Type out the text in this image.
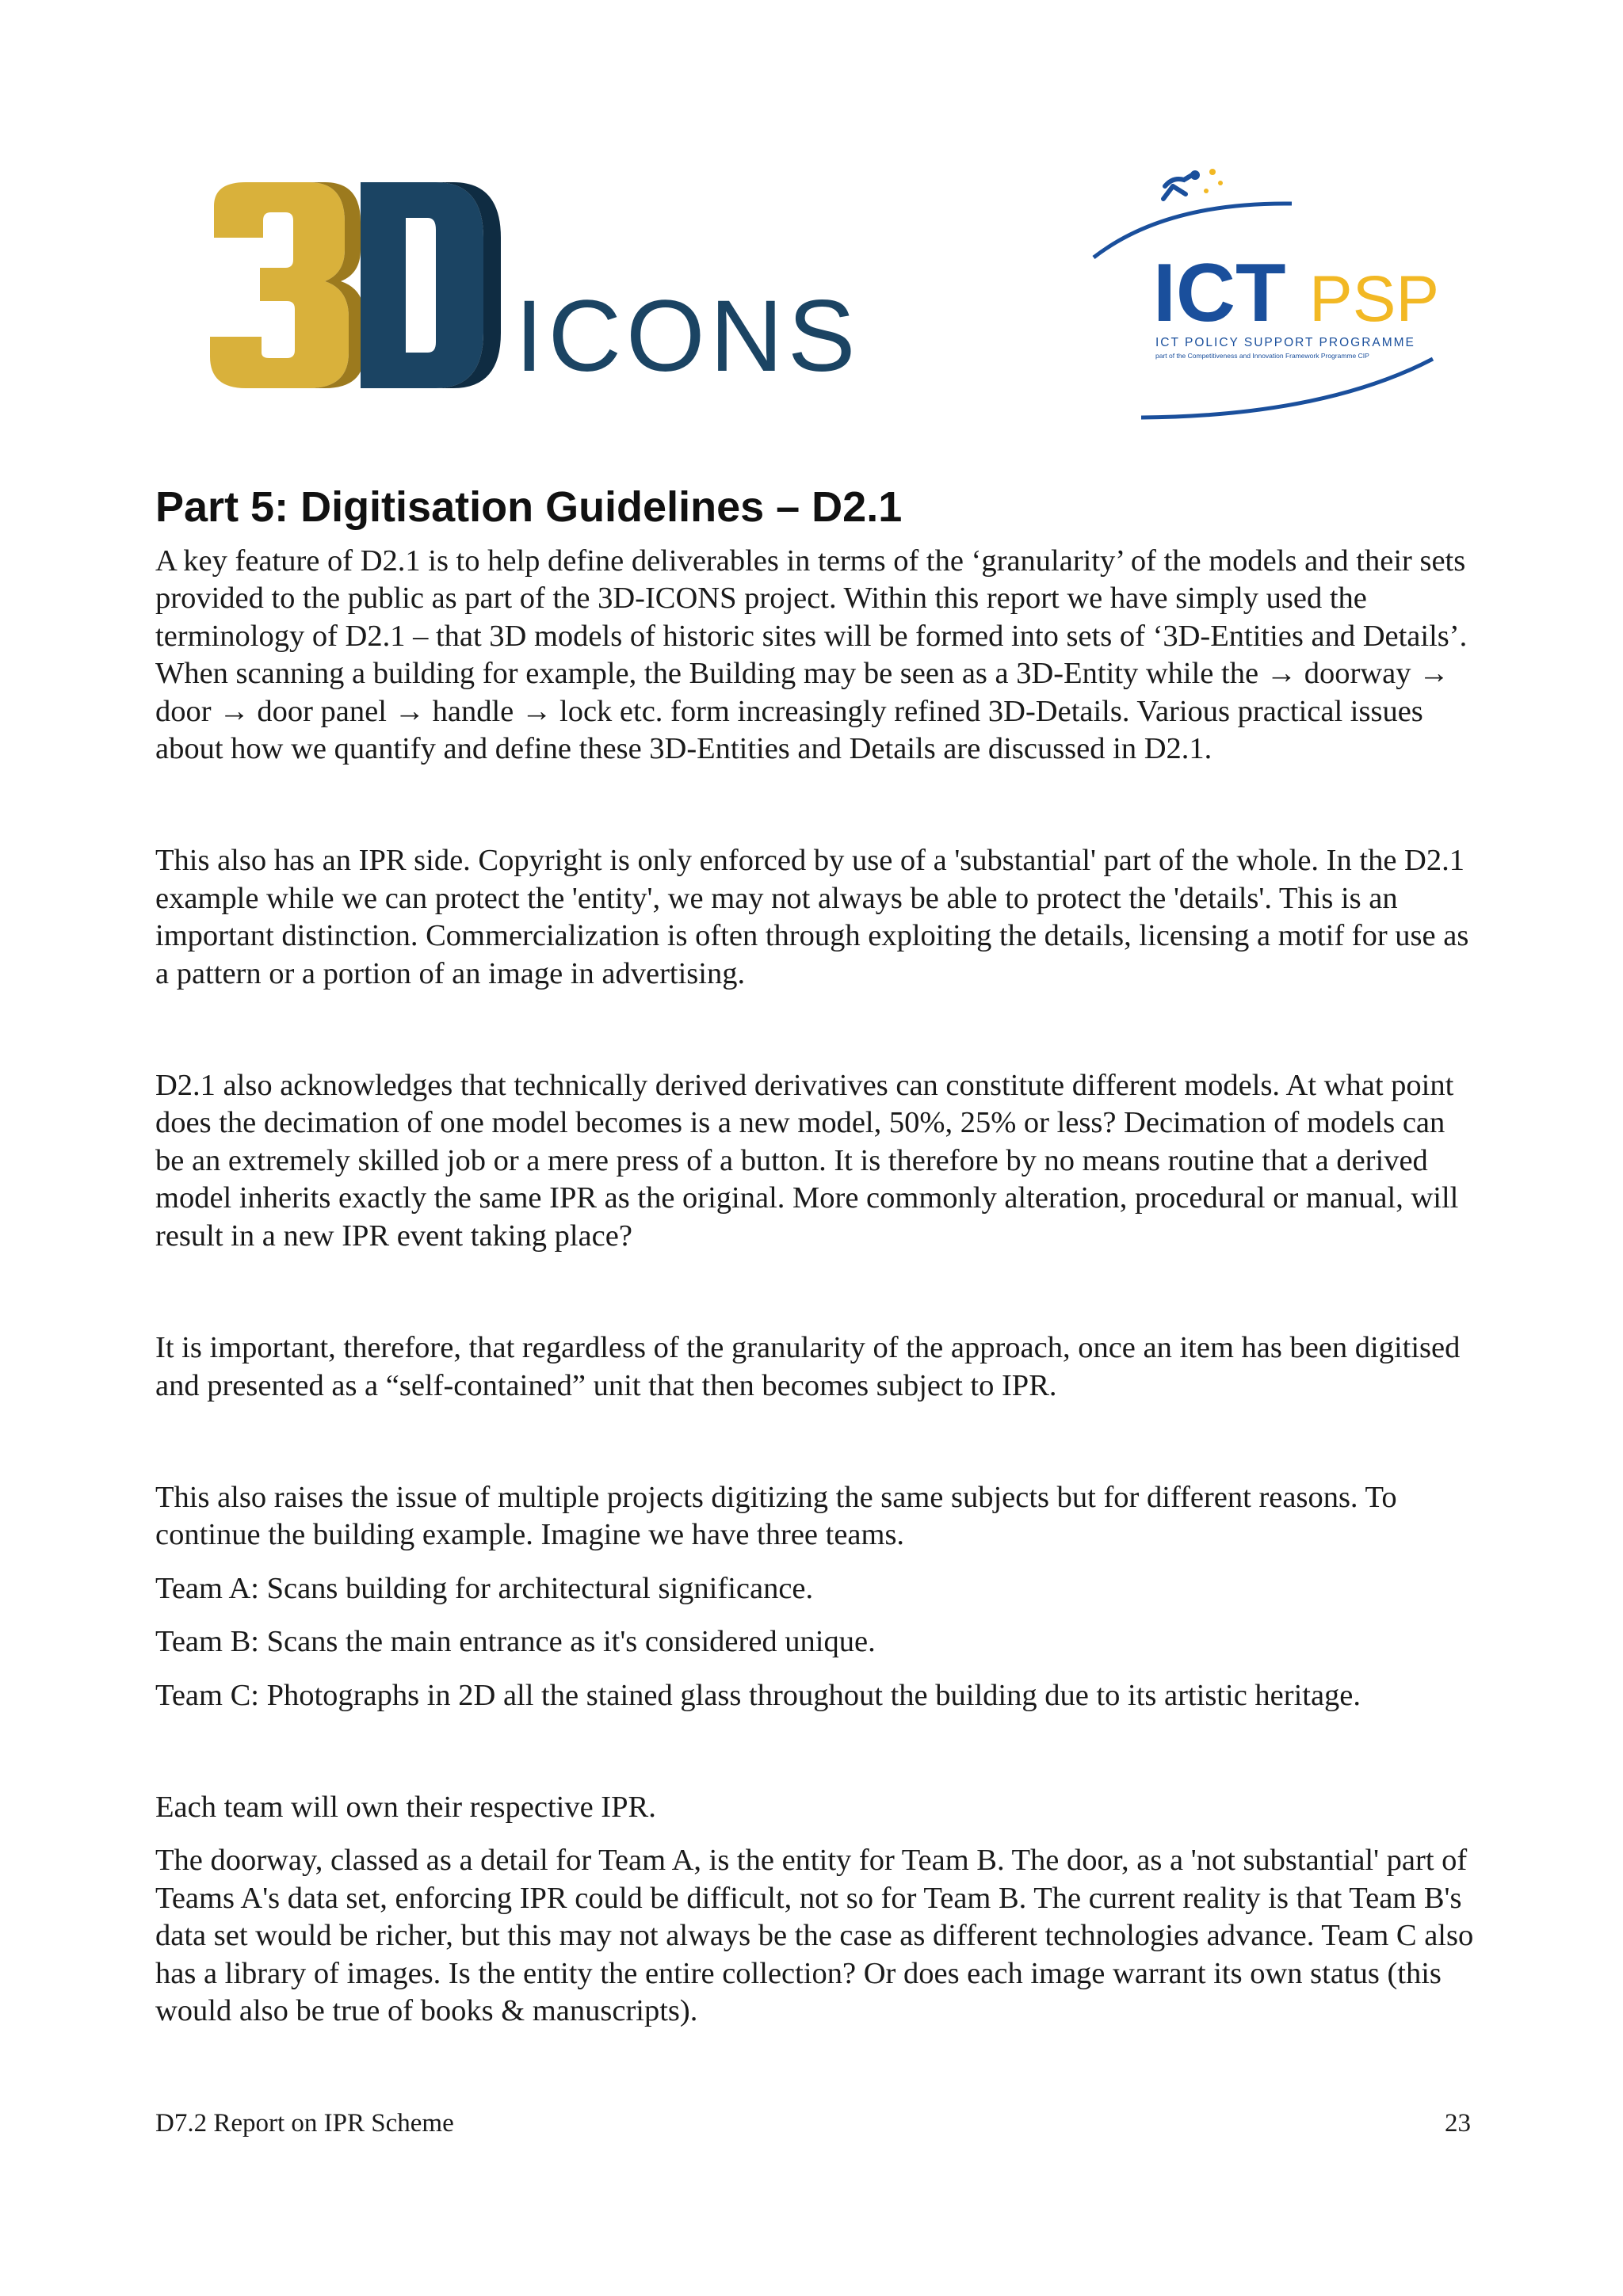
ICONS	ICT PSP
ICT POLICY SUPPORT PROGRAMME
part of the Competitiveness and Innovation Framework Programme CIP
Part 5: Digitisation Guidelines – D2.1

A key feature of D2.1 is to help define deliverables in terms of the ‘granularity’ of the models and their sets provided to the public as part of the 3D-ICONS project. Within this report we have simply used the terminology of D2.1 – that 3D models of historic sites will be formed into sets of ‘3D-Entities and Details’. When scanning a building for example, the Building may be seen as a 3D-Entity while the → doorway → door → door panel → handle → lock etc. form increasingly refined 3D-Details. Various practical issues about how we quantify and define these 3D-Entities and Details are discussed in D2.1.

This also has an IPR side. Copyright is only enforced by use of a 'substantial' part of the whole. In the D2.1 example while we can protect the 'entity', we may not always be able to protect the 'details'. This is an important distinction. Commercialization is often through exploiting the details, licensing a motif for use as a pattern or a portion of an image in advertising.

D2.1 also acknowledges that technically derived derivatives can constitute different models. At what point does the decimation of one model becomes is a new model, 50%, 25% or less? Decimation of models can be an extremely skilled job or a mere press of a button. It is therefore by no means routine that a derived model inherits exactly the same IPR as the original. More commonly alteration, procedural or manual, will result in a new IPR event taking place?

It is important, therefore, that regardless of the granularity of the approach, once an item has been digitised and presented as a “self-contained” unit that then becomes subject to IPR.

This also raises the issue of multiple projects digitizing the same subjects but for different reasons. To continue the building example. Imagine we have three teams.

Team A: Scans building for architectural significance.

Team B: Scans the main entrance as it's considered unique.

Team C: Photographs in 2D all the stained glass throughout the building due to its artistic heritage.

Each team will own their respective IPR.

The doorway, classed as a detail for Team A, is the entity for Team B. The door, as a 'not substantial' part of Teams A's data set, enforcing IPR could be difficult, not so for Team B. The current reality is that Team B's data set would be richer, but this may not always be the case as different technologies advance. Team C also has a library of images. Is the entity the entire collection? Or does each image warrant its own status (this would also be true of books & manuscripts).

D7.2 Report on IPR Scheme	23
